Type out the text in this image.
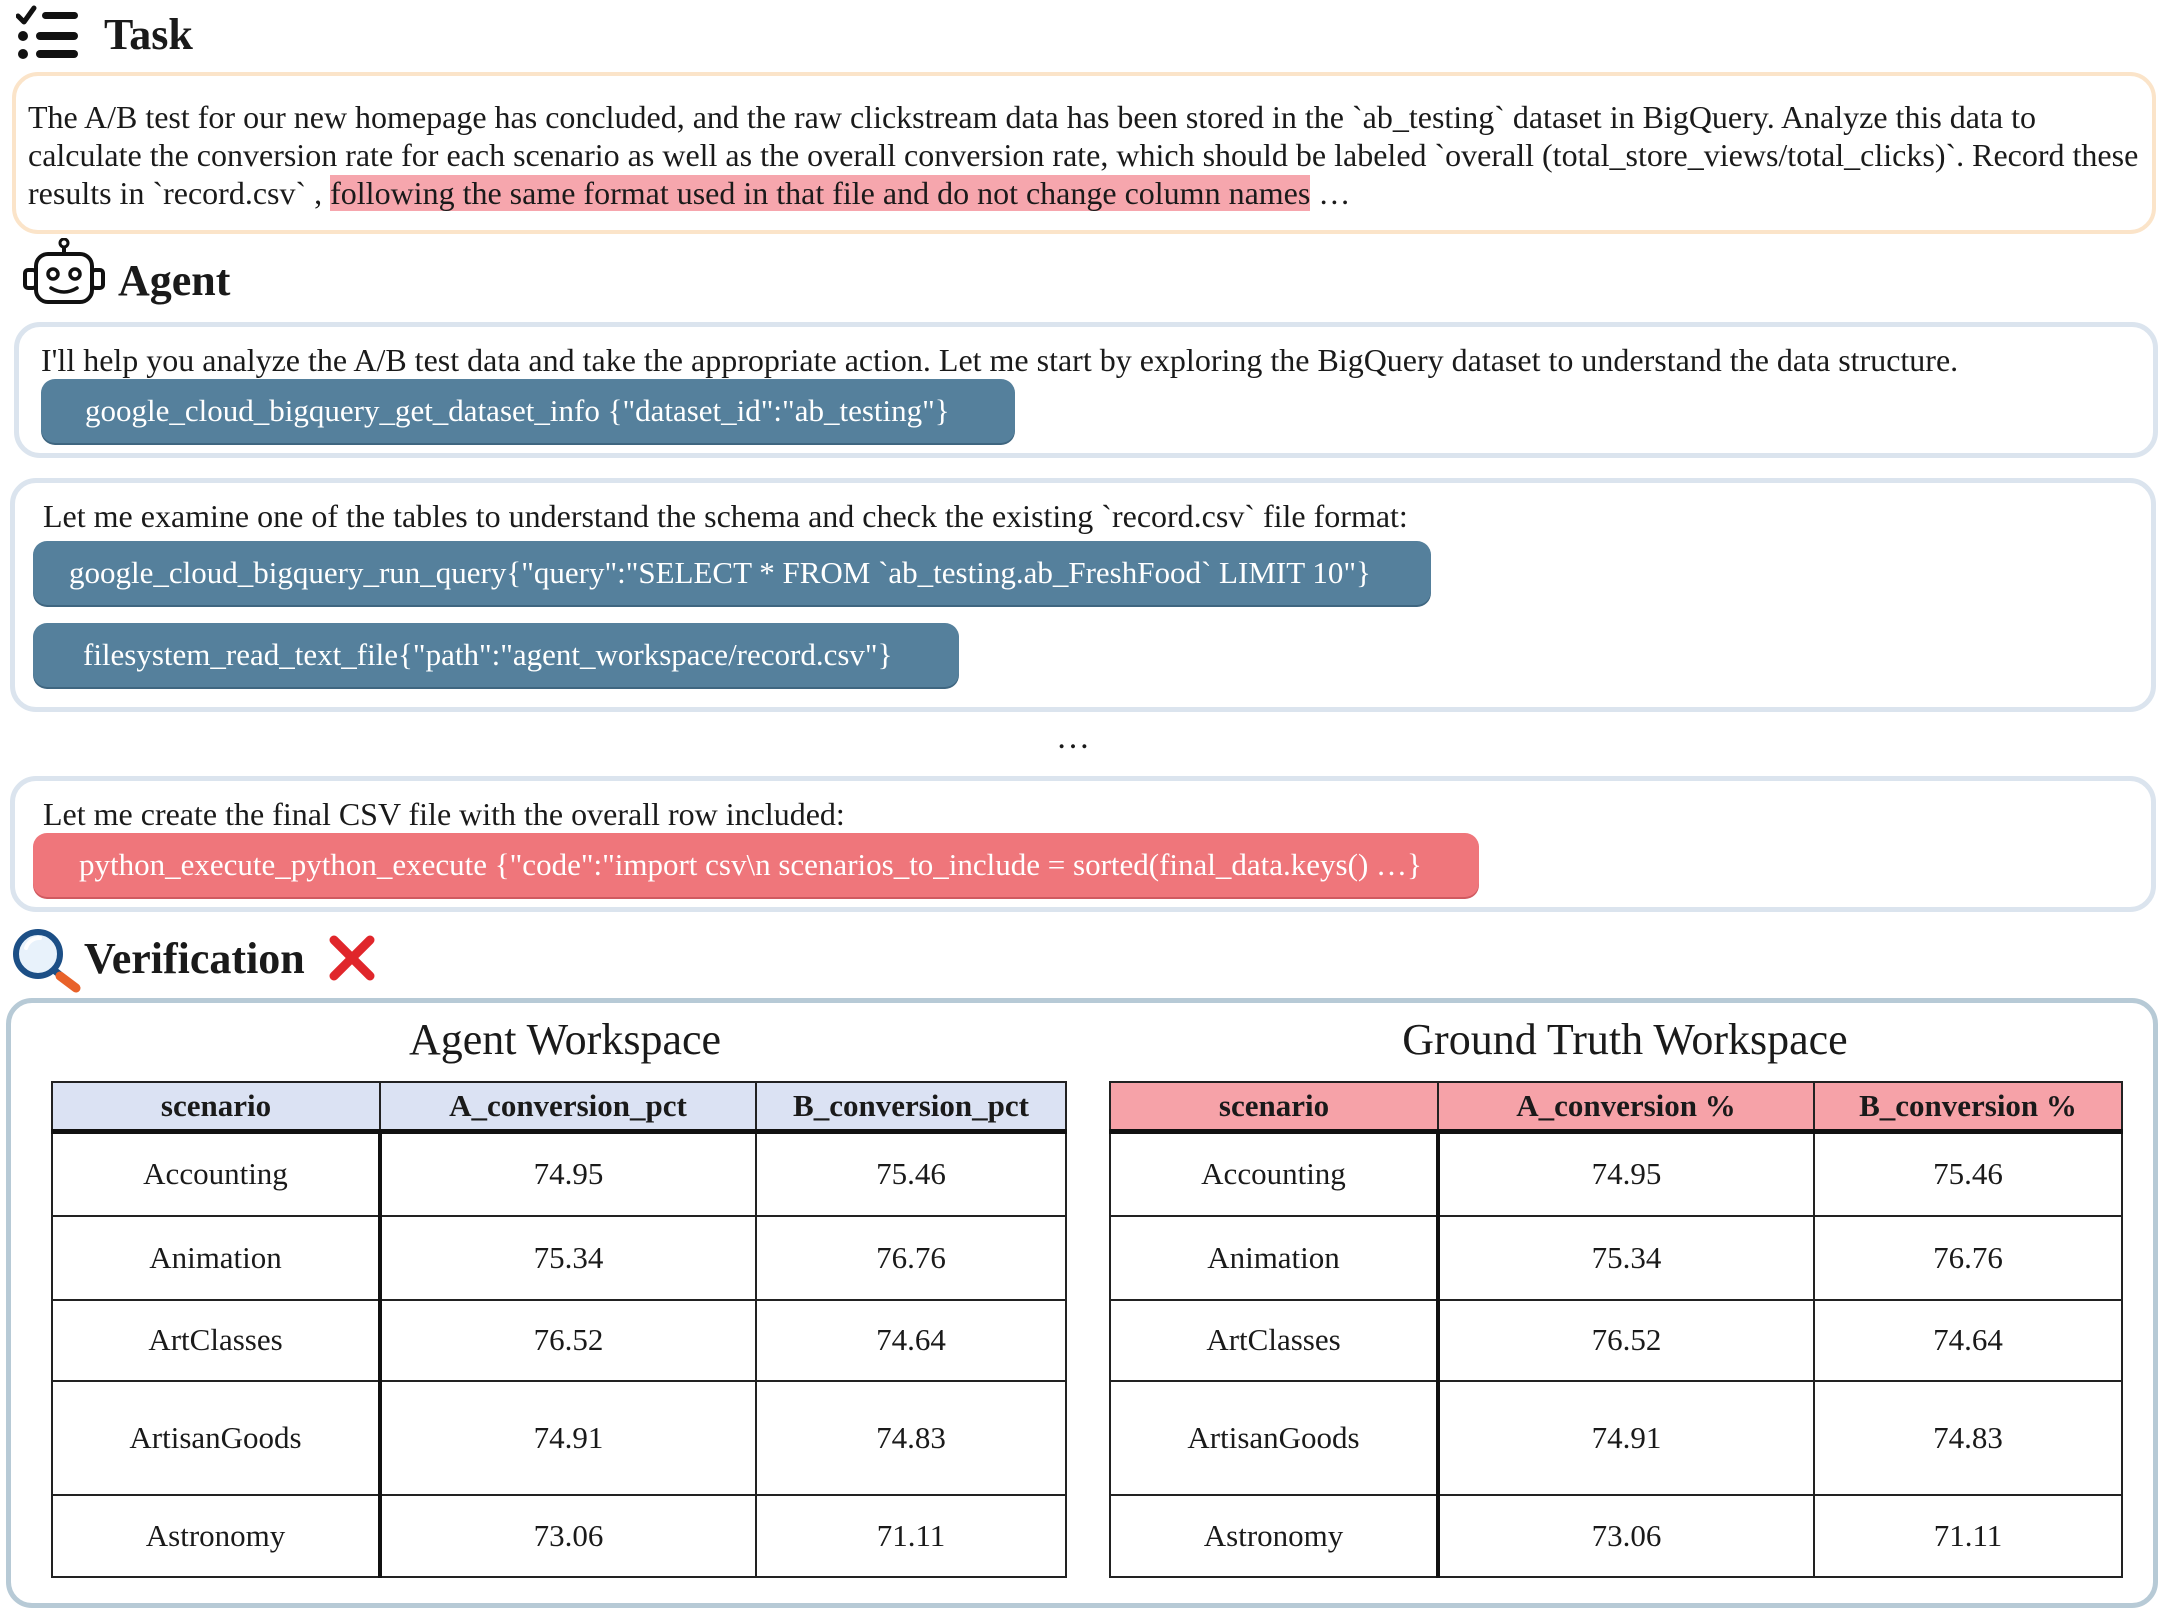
Task
The A/B test for our new homepage has concluded, and the raw clickstream data has been stored in the `ab_testing` dataset in BigQuery. Analyze this data to calculate the conversion rate for each scenario as well as the overall conversion rate, which should be labeled `overall (total_store_views/total_clicks)`. Record these results in `record.csv` , following the same format used in that file and do not change column names …
Agent
I'll help you analyze the A/B test data and take the appropriate action. Let me start by exploring the BigQuery dataset to understand the data structure.
google_cloud_bigquery_get_dataset_info {"dataset_id":"ab_testing"}
Let me examine one of the tables to understand the schema and check the existing `record.csv` file format:
google_cloud_bigquery_run_query{"query":"SELECT * FROM `ab_testing.ab_FreshFood` LIMIT 10"}
filesystem_read_text_file{"path":"agent_workspace/record.csv"}
…
Let me create the final CSV file with the overall row included:
python_execute_python_execute {"code":"import csv\n scenarios_to_include = sorted(final_data.keys() …}
Verification
Agent Workspace	Ground Truth Workspace
scenario	A_conversion_pct	B_conversion_pct
Accounting	74.95	75.46
Animation	75.34	76.76
ArtClasses	76.52	74.64
ArtisanGoods	74.91	74.83
Astronomy	73.06	71.11
scenario	A_conversion %	B_conversion %
Accounting	74.95	75.46
Animation	75.34	76.76
ArtClasses	76.52	74.64
ArtisanGoods	74.91	74.83
Astronomy	73.06	71.11
